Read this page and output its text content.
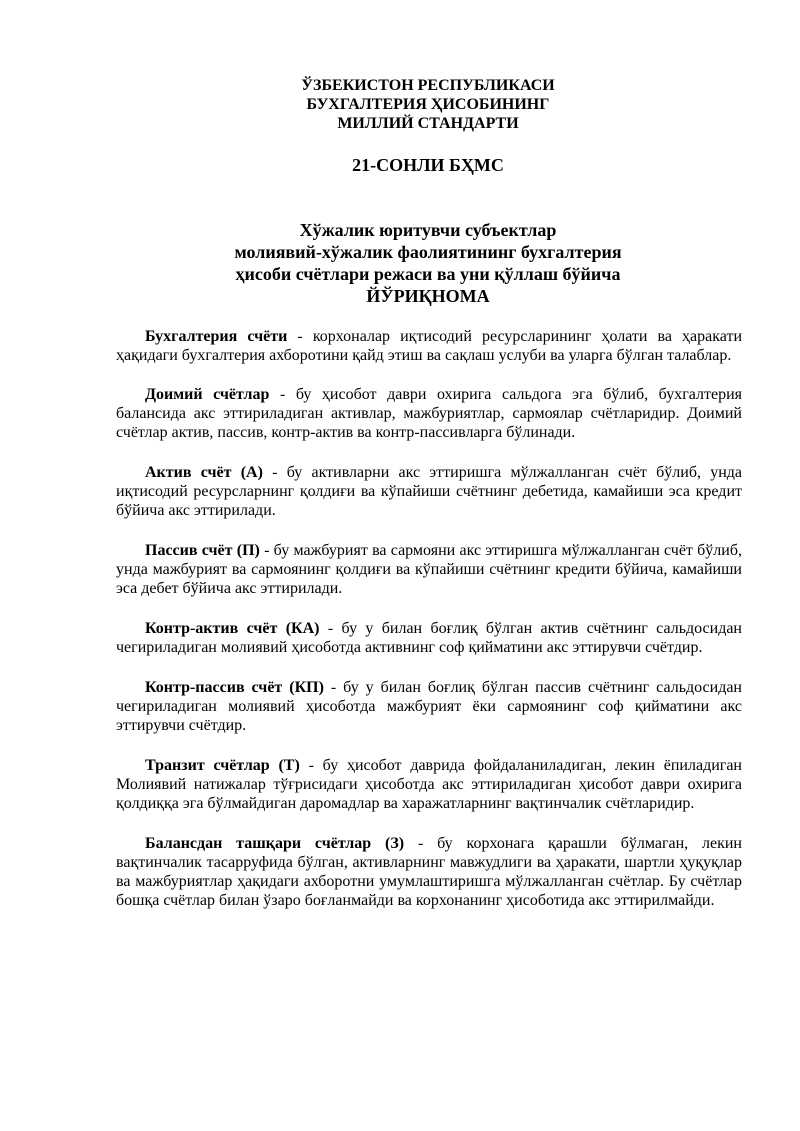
ЎЗБЕКИСТОН РЕСПУБЛИКАСИ
БУХГАЛТЕРИЯ ҲИСОБИНИНГ
МИЛЛИЙ СТАНДАРТИ
21-СОНЛИ БҲМС
Хўжалик юритувчи субъектлар
молиявий-хўжалик фаолиятининг бухгалтерия
ҳисоби счётлари режаси ва уни қўллаш бўйича
ЙЎРИҚНОМА

Бухгалтерия счёти - корхоналар иқтисодий ресурсларининг ҳолати ва ҳаракати ҳақидаги бухгалтерия ахборотини қайд этиш ва сақлаш услуби ва уларга бўлган талаблар.

Доимий счётлар - бу ҳисобот даври охирига сальдога эга бўлиб, бухгалтерия балансида акс эттириладиган активлар, мажбуриятлар, сармоялар счётларидир. Доимий счётлар актив, пассив, контр-актив ва контр-пассивларга бўлинади.

Актив счёт (А) - бу активларни акс эттиришга мўлжалланган счёт бўлиб, унда иқтисодий ресурсларнинг қолдиғи ва кўпайиши счётнинг дебетида, камайиши эса кредит бўйича акс эттирилади.

Пассив счёт (П) - бу мажбурият ва сармояни акс эттиришга мўлжалланган счёт бўлиб, унда мажбурият ва сармоянинг қолдиғи ва кўпайиши счётнинг кредити бўйича, камайиши эса дебет бўйича акс эттирилади.

Контр-актив счёт (КА) - бу у билан боғлиқ бўлган актив счётнинг сальдосидан чегириладиган молиявий ҳисоботда активнинг соф қийматини акс эттирувчи счётдир.

Контр-пассив счёт (КП) - бу у билан боғлиқ бўлган пассив счётнинг сальдосидан чегириладиган молиявий ҳисоботда мажбурият ёки сармоянинг соф қийматини акс эттирувчи счётдир.

Транзит счётлар (Т) - бу ҳисобот даврида фойдаланиладиган, лекин ёпиладиган Молиявий натижалар тўғрисидаги ҳисоботда акс эттириладиган ҳисобот даври охирига қолдиққа эга бўлмайдиган даромадлар ва харажатларнинг вақтинчалик счётларидир.

Балансдан ташқари счётлар (З) - бу корхонага қарашли бўлмаган, лекин вақтинчалик тасарруфида бўлган, активларнинг мавжудлиги ва ҳаракати, шартли ҳуқуқлар ва мажбуриятлар ҳақидаги ахборотни умумлаштиришга мўлжалланган счётлар. Бу счётлар бошқа счётлар билан ўзаро боғланмайди ва корхонанинг ҳисоботида акс эттирилмайди.
